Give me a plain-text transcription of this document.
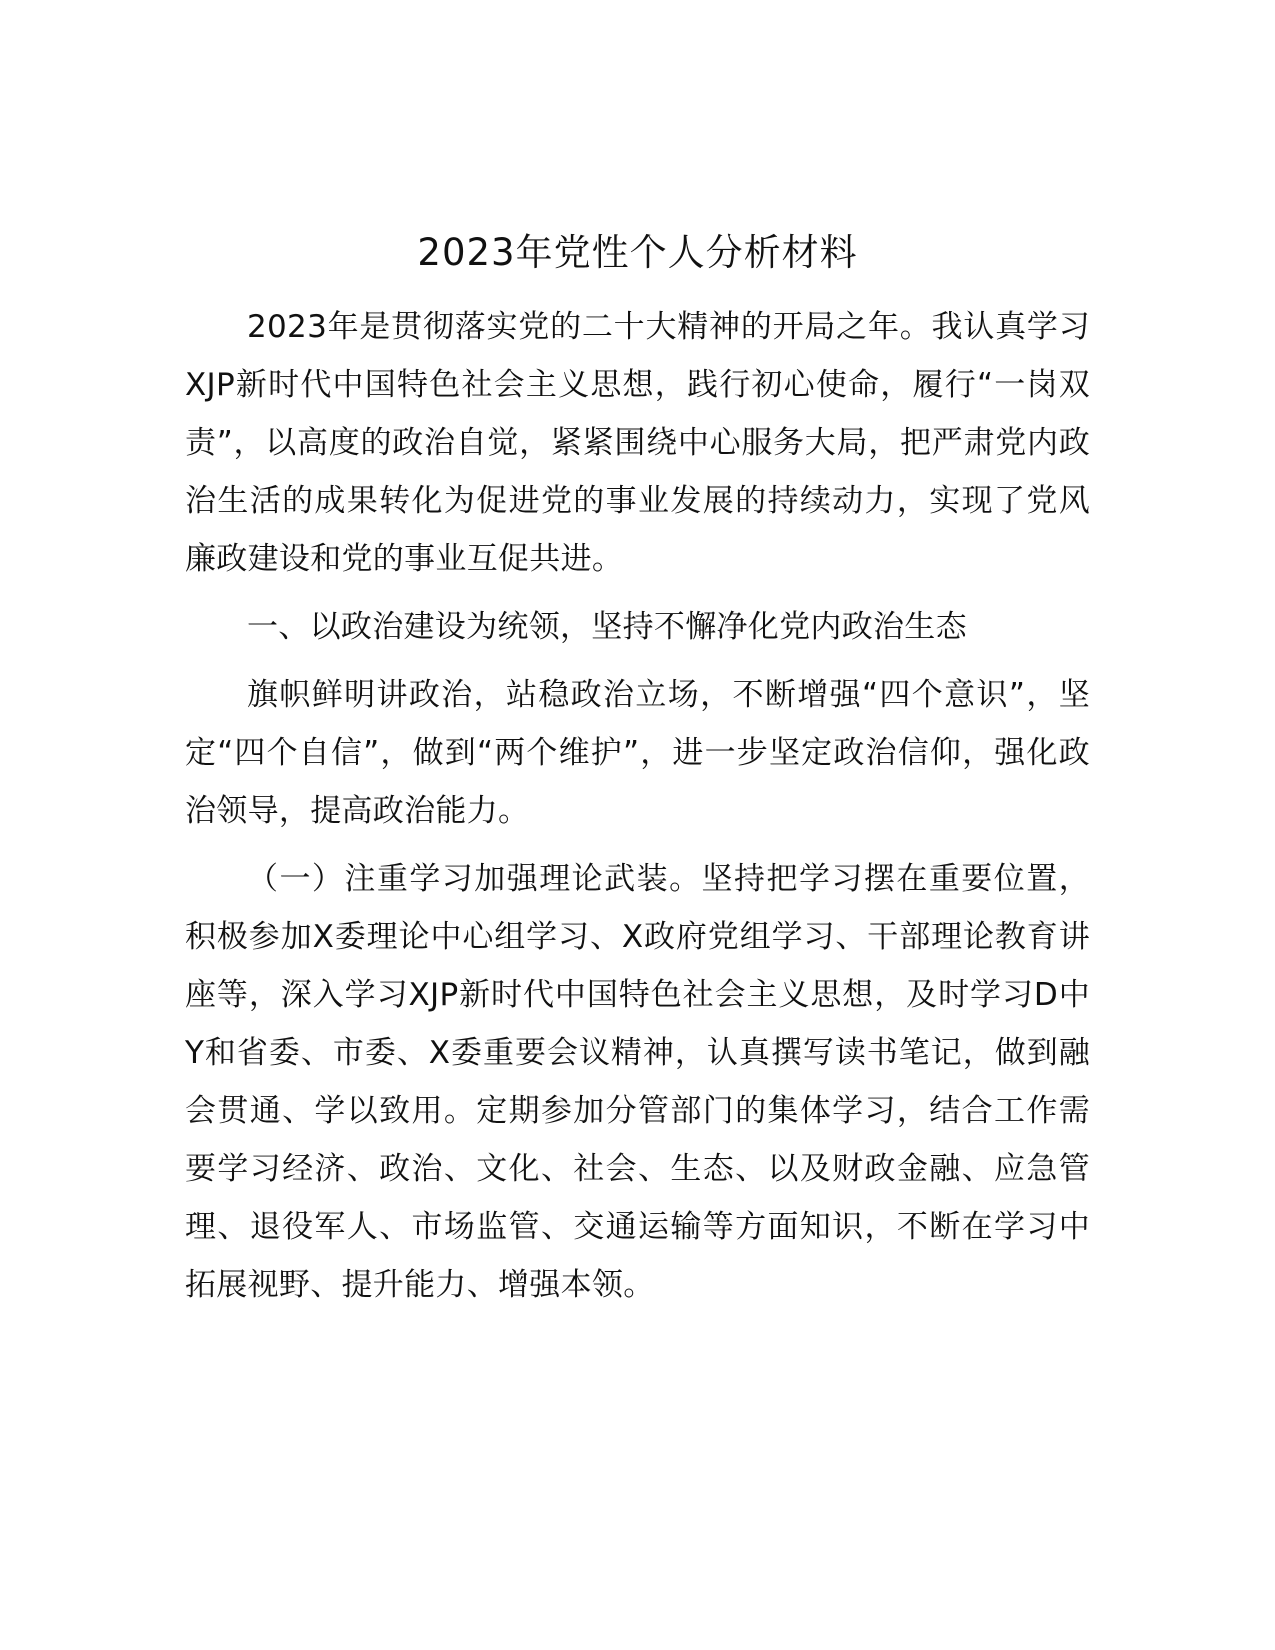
2023年党性个人分析材料

2023年是贯彻落实党的二十大精神的开局之年。我认真学习XJP新时代中国特色社会主义思想，践行初心使命，履行“一岗双责”，以高度的政治自觉，紧紧围绕中心服务大局，把严肃党内政治生活的成果转化为促进党的事业发展的持续动力，实现了党风廉政建设和党的事业互促共进。

一、以政治建设为统领，坚持不懈净化党内政治生态

旗帜鲜明讲政治，站稳政治立场，不断增强“四个意识”，坚定“四个自信”，做到“两个维护”，进一步坚定政治信仰，强化政治领导，提高政治能力。

（一）注重学习加强理论武装。坚持把学习摆在重要位置，积极参加X委理论中心组学习、X政府党组学习、干部理论教育讲座等，深入学习XJP新时代中国特色社会主义思想，及时学习D中Y和省委、市委、X委重要会议精神，认真撰写读书笔记，做到融会贯通、学以致用。定期参加分管部门的集体学习，结合工作需要学习经济、政治、文化、社会、生态、以及财政金融、应急管理、退役军人、市场监管、交通运输等方面知识，不断在学习中拓展视野、提升能力、增强本领。
